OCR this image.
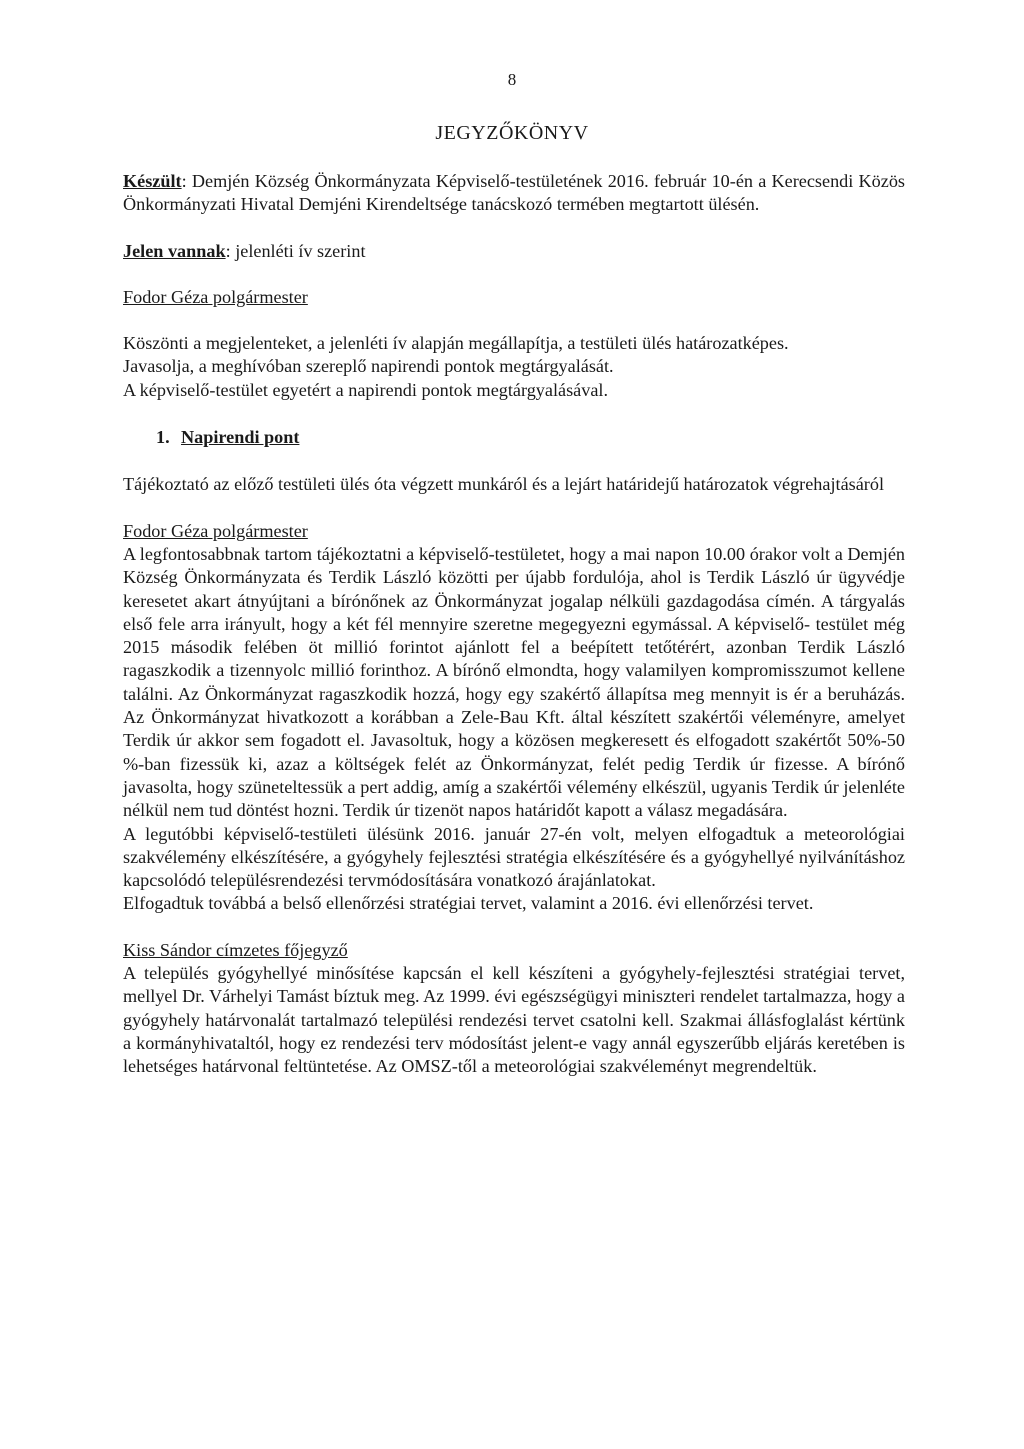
8
JEGYZŐKÖNYV

Készült: Demjén Község Önkormányzata Képviselő-testületének 2016. február 10-én a Kerecsendi Közös Önkormányzati Hivatal Demjéni Kirendeltsége tanácskozó termében megtartott ülésén.

Jelen vannak: jelenléti ív szerint

Fodor Géza polgármester

Köszönti a megjelenteket, a jelenléti ív alapján megállapítja, a testületi ülés határozatképes.

Javasolja, a meghívóban szereplő napirendi pontok megtárgyalását.

A képviselő-testület egyetért a napirendi pontok megtárgyalásával.

1. Napirendi pont

Tájékoztató az előző testületi ülés óta végzett munkáról és a lejárt határidejű határozatok végrehajtásáról

Fodor Géza polgármester

A legfontosabbnak tartom tájékoztatni a képviselő-testületet, hogy a mai napon 10.00 órakor volt a Demjén Község Önkormányzata és Terdik László közötti per újabb fordulója, ahol is Terdik László úr ügyvédje keresetet akart átnyújtani a bírónőnek az Önkormányzat jogalap nélküli gazdagodása címén. A tárgyalás első fele arra irányult, hogy a két fél mennyire szeretne megegyezni egymással. A képviselő- testület még 2015 második felében öt millió forintot ajánlott fel a beépített tetőtérért, azonban Terdik László ragaszkodik a tizennyolc millió forinthoz. A bírónő elmondta, hogy valamilyen kompromisszumot kellene találni. Az Önkormányzat ragaszkodik hozzá, hogy egy szakértő állapítsa meg mennyit is ér a beruházás. Az Önkormányzat hivatkozott a korábban a Zele-Bau Kft. által készített szakértői véleményre, amelyet Terdik úr akkor sem fogadott el. Javasoltuk, hogy a közösen megkeresett és elfogadott szakértőt 50%-50 %-ban fizessük ki, azaz a költségek felét az Önkormányzat, felét pedig Terdik úr fizesse. A bírónő javasolta, hogy szüneteltessük a pert addig, amíg a szakértői vélemény elkészül, ugyanis Terdik úr jelenléte nélkül nem tud döntést hozni. Terdik úr tizenöt napos határidőt kapott a válasz megadására.

A legutóbbi képviselő-testületi ülésünk 2016. január 27-én volt, melyen elfogadtuk a meteorológiai szakvélemény elkészítésére, a gyógyhely fejlesztési stratégia elkészítésére és a gyógyhellyé nyilvánításhoz kapcsolódó településrendezési tervmódosítására vonatkozó árajánlatokat.

Elfogadtuk továbbá a belső ellenőrzési stratégiai tervet, valamint a 2016. évi ellenőrzési tervet.

Kiss Sándor címzetes főjegyző

A település gyógyhellyé minősítése kapcsán el kell készíteni a gyógyhely-fejlesztési stratégiai tervet, mellyel Dr. Várhelyi Tamást bíztuk meg. Az 1999. évi egészségügyi miniszteri rendelet tartalmazza, hogy a gyógyhely határvonalát tartalmazó települési rendezési tervet csatolni kell. Szakmai állásfoglalást kértünk a kormányhivataltól, hogy ez rendezési terv módosítást jelent-e vagy annál egyszerűbb eljárás keretében is lehetséges határvonal feltüntetése. Az OMSZ-től a meteorológiai szakvéleményt megrendeltük.
